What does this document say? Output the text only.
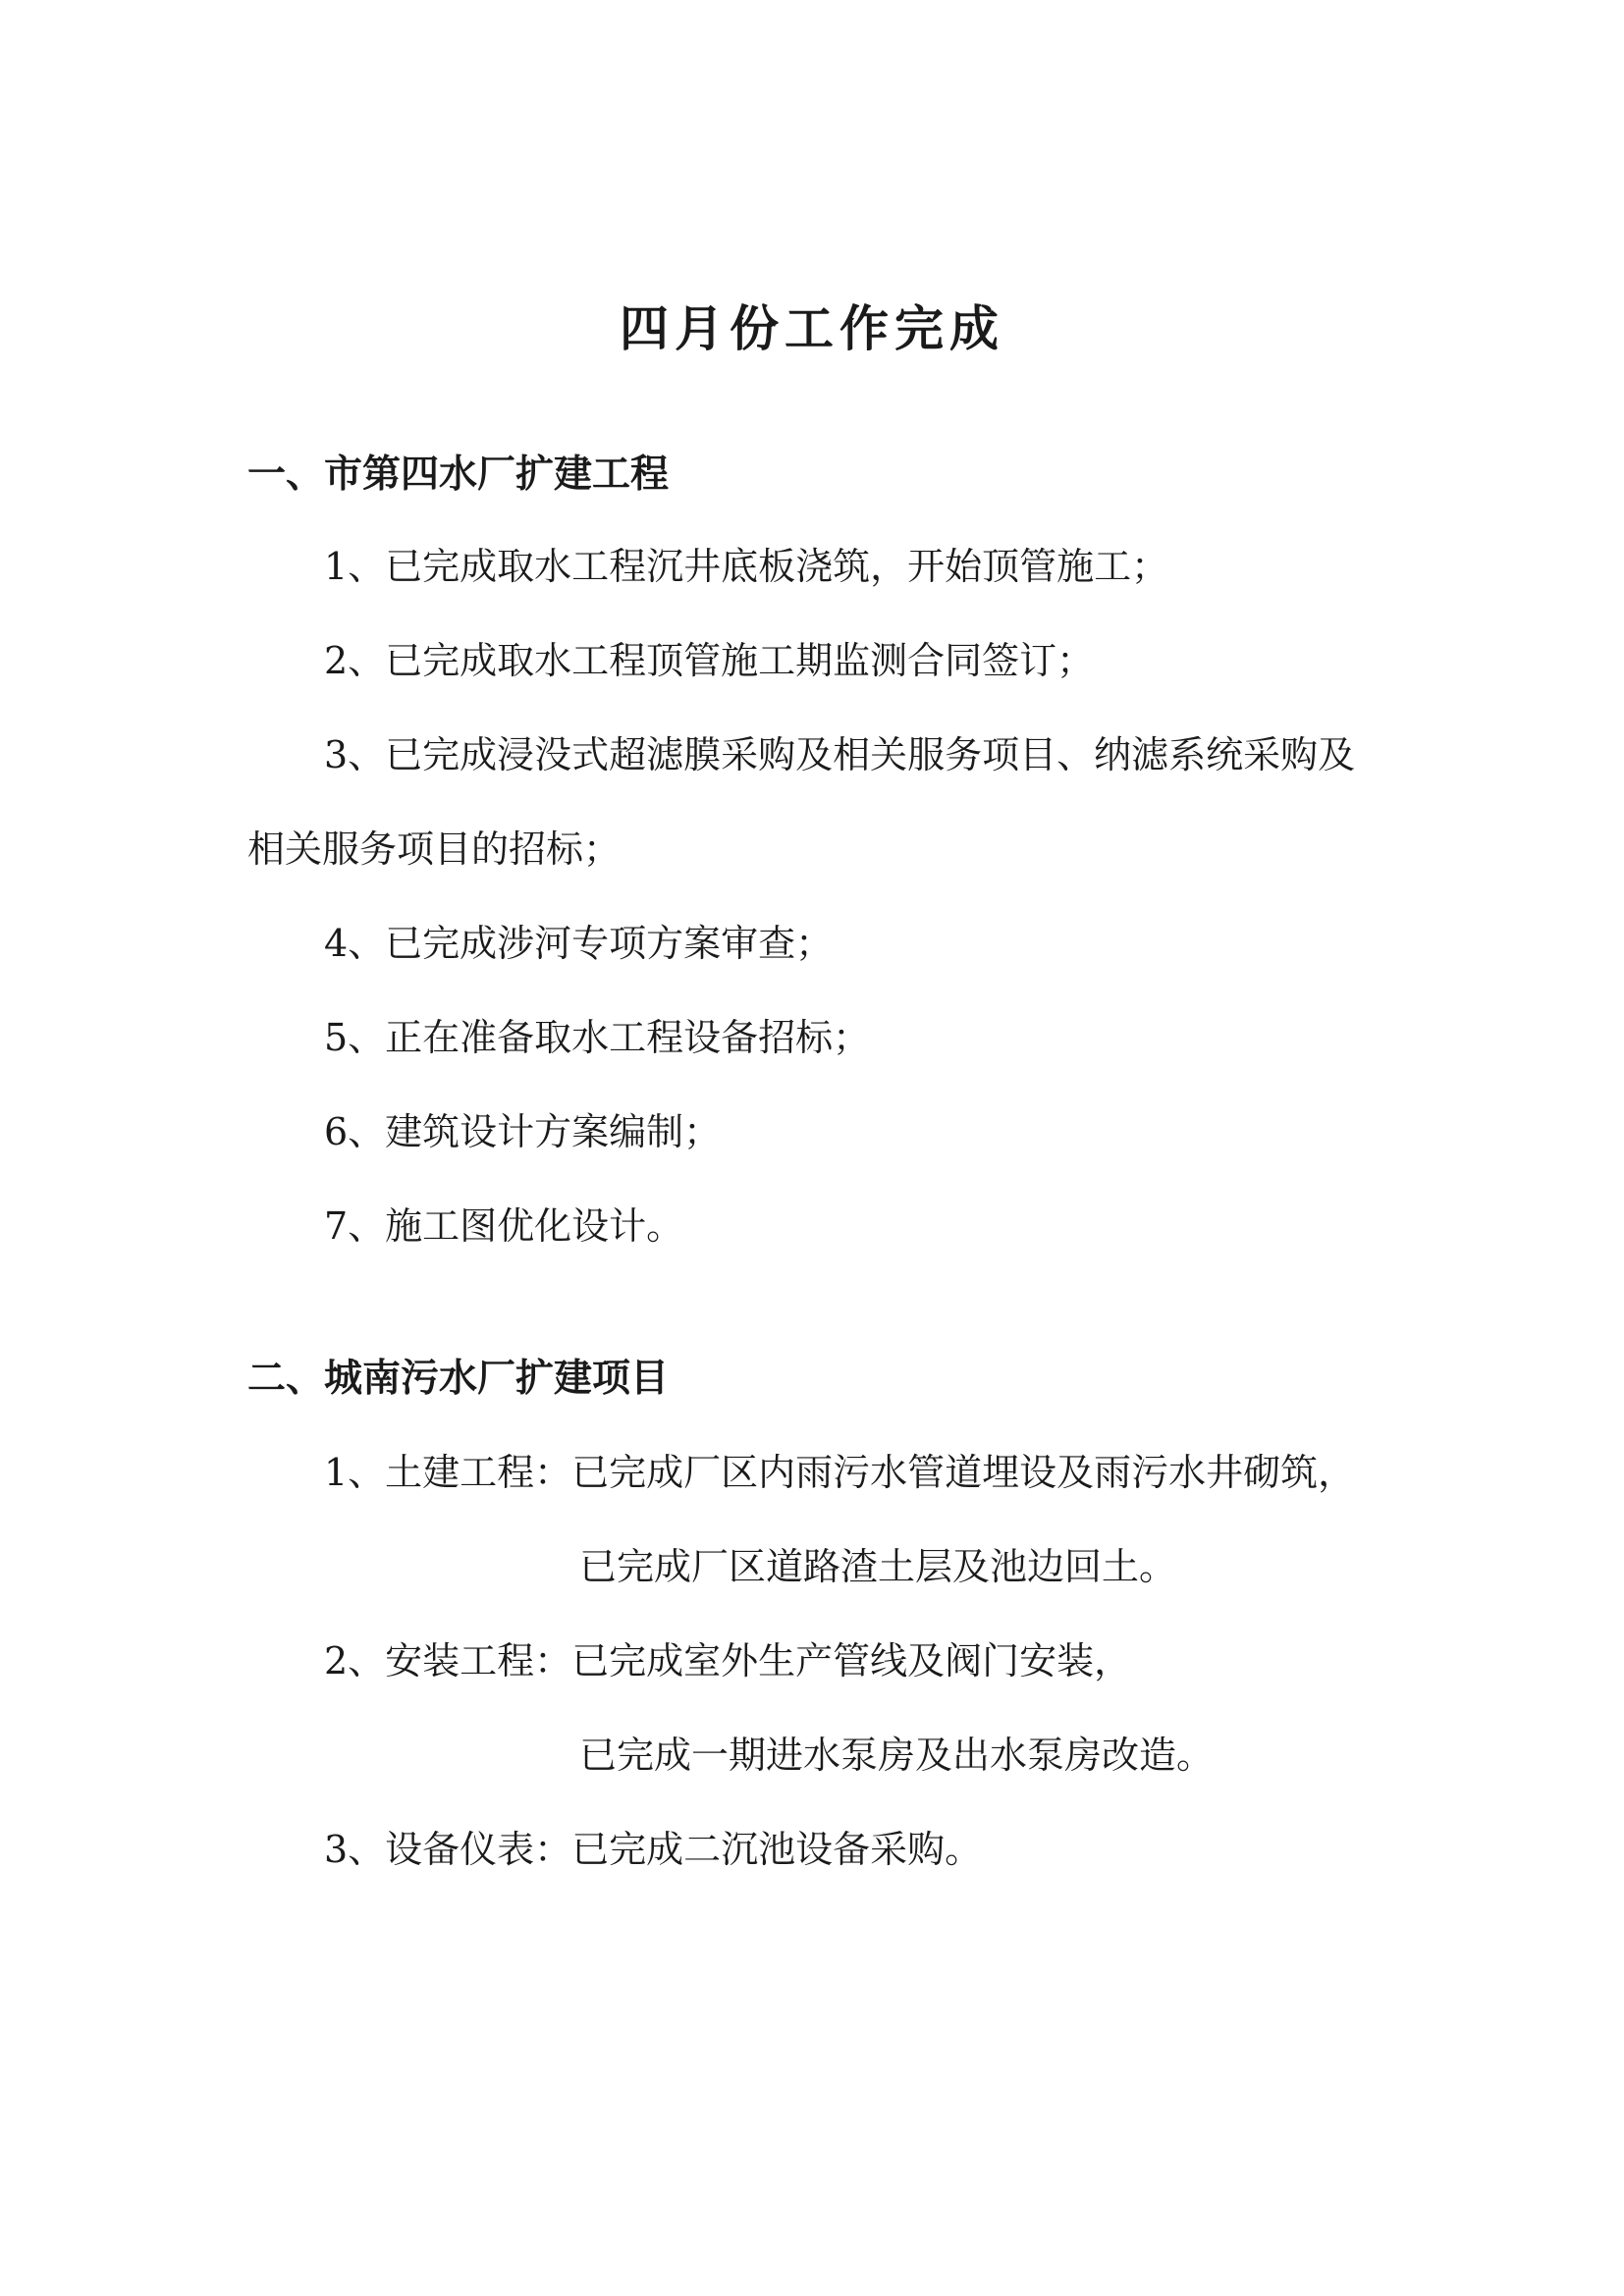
四月份工作完成
一、市第四水厂扩建工程

1、已完成取水工程沉井底板浇筑，开始顶管施工；

2、已完成取水工程顶管施工期监测合同签订；

3、已完成浸没式超滤膜采购及相关服务项目、纳滤系统采购及

相关服务项目的招标；

4、已完成涉河专项方案审查；

5、正在准备取水工程设备招标；

6、建筑设计方案编制；

7、施工图优化设计。

二、城南污水厂扩建项目

1、土建工程：已完成厂区内雨污水管道埋设及雨污水井砌筑，

已完成厂区道路渣土层及池边回土。

2、安装工程：已完成室外生产管线及阀门安装，

已完成一期进水泵房及出水泵房改造。

3、设备仪表：已完成二沉池设备采购。
